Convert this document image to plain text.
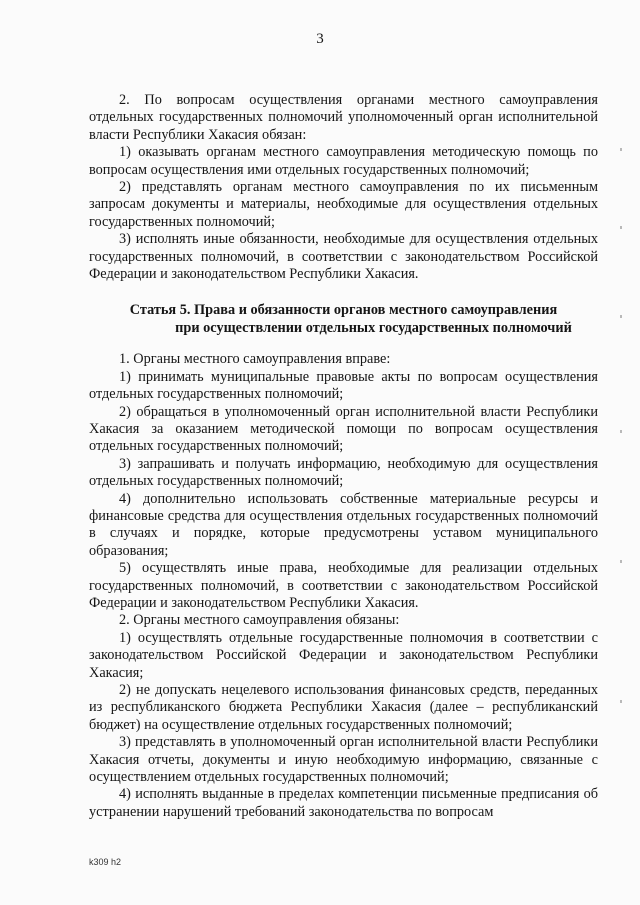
3

2. По вопросам осуществления органами местного самоуправления отдельных государственных полномочий уполномоченный орган исполнительной власти Республики Хакасия обязан:

1) оказывать органам местного самоуправления методическую помощь по вопросам осуществления ими отдельных государственных полномочий;

2) представлять органам местного самоуправления по их письменным запросам документы и материалы, необходимые для осуществления отдельных государственных полномочий;

3) исполнять иные обязанности, необходимые для осуществления отдельных государственных полномочий, в соответствии с законодательством Российской Федерации и законодательством Республики Хакасия.

Статья 5. Права и обязанности органов местного самоуправления
при осуществлении отдельных государственных полномочий

1. Органы местного самоуправления вправе:

1) принимать муниципальные правовые акты по вопросам осуществления отдельных государственных полномочий;

2) обращаться в уполномоченный орган исполнительной власти Республики Хакасия за оказанием методической помощи по вопросам осуществления отдельных государственных полномочий;

3) запрашивать и получать информацию, необходимую для осуществления отдельных государственных полномочий;

4) дополнительно использовать собственные материальные ресурсы и финансовые средства для осуществления отдельных государственных полномочий в случаях и порядке, которые предусмотрены уставом муниципального образования;

5) осуществлять иные права, необходимые для реализации отдельных государственных полномочий, в соответствии с законодательством Российской Федерации и законодательством Республики Хакасия.

2. Органы местного самоуправления обязаны:

1) осуществлять отдельные государственные полномочия в соответствии с законодательством Российской Федерации и законодательством Республики Хакасия;

2) не допускать нецелевого использования финансовых средств, переданных из республиканского бюджета Республики Хакасия (далее – республиканский бюджет) на осуществление отдельных государственных полномочий;

3) представлять в уполномоченный орган исполнительной власти Республики Хакасия отчеты, документы и иную необходимую информацию, связанные с осуществлением отдельных государственных полномочий;

4) исполнять выданные в пределах компетенции письменные предписания об устранении нарушений требований законодательства по вопросам

k309 h2
